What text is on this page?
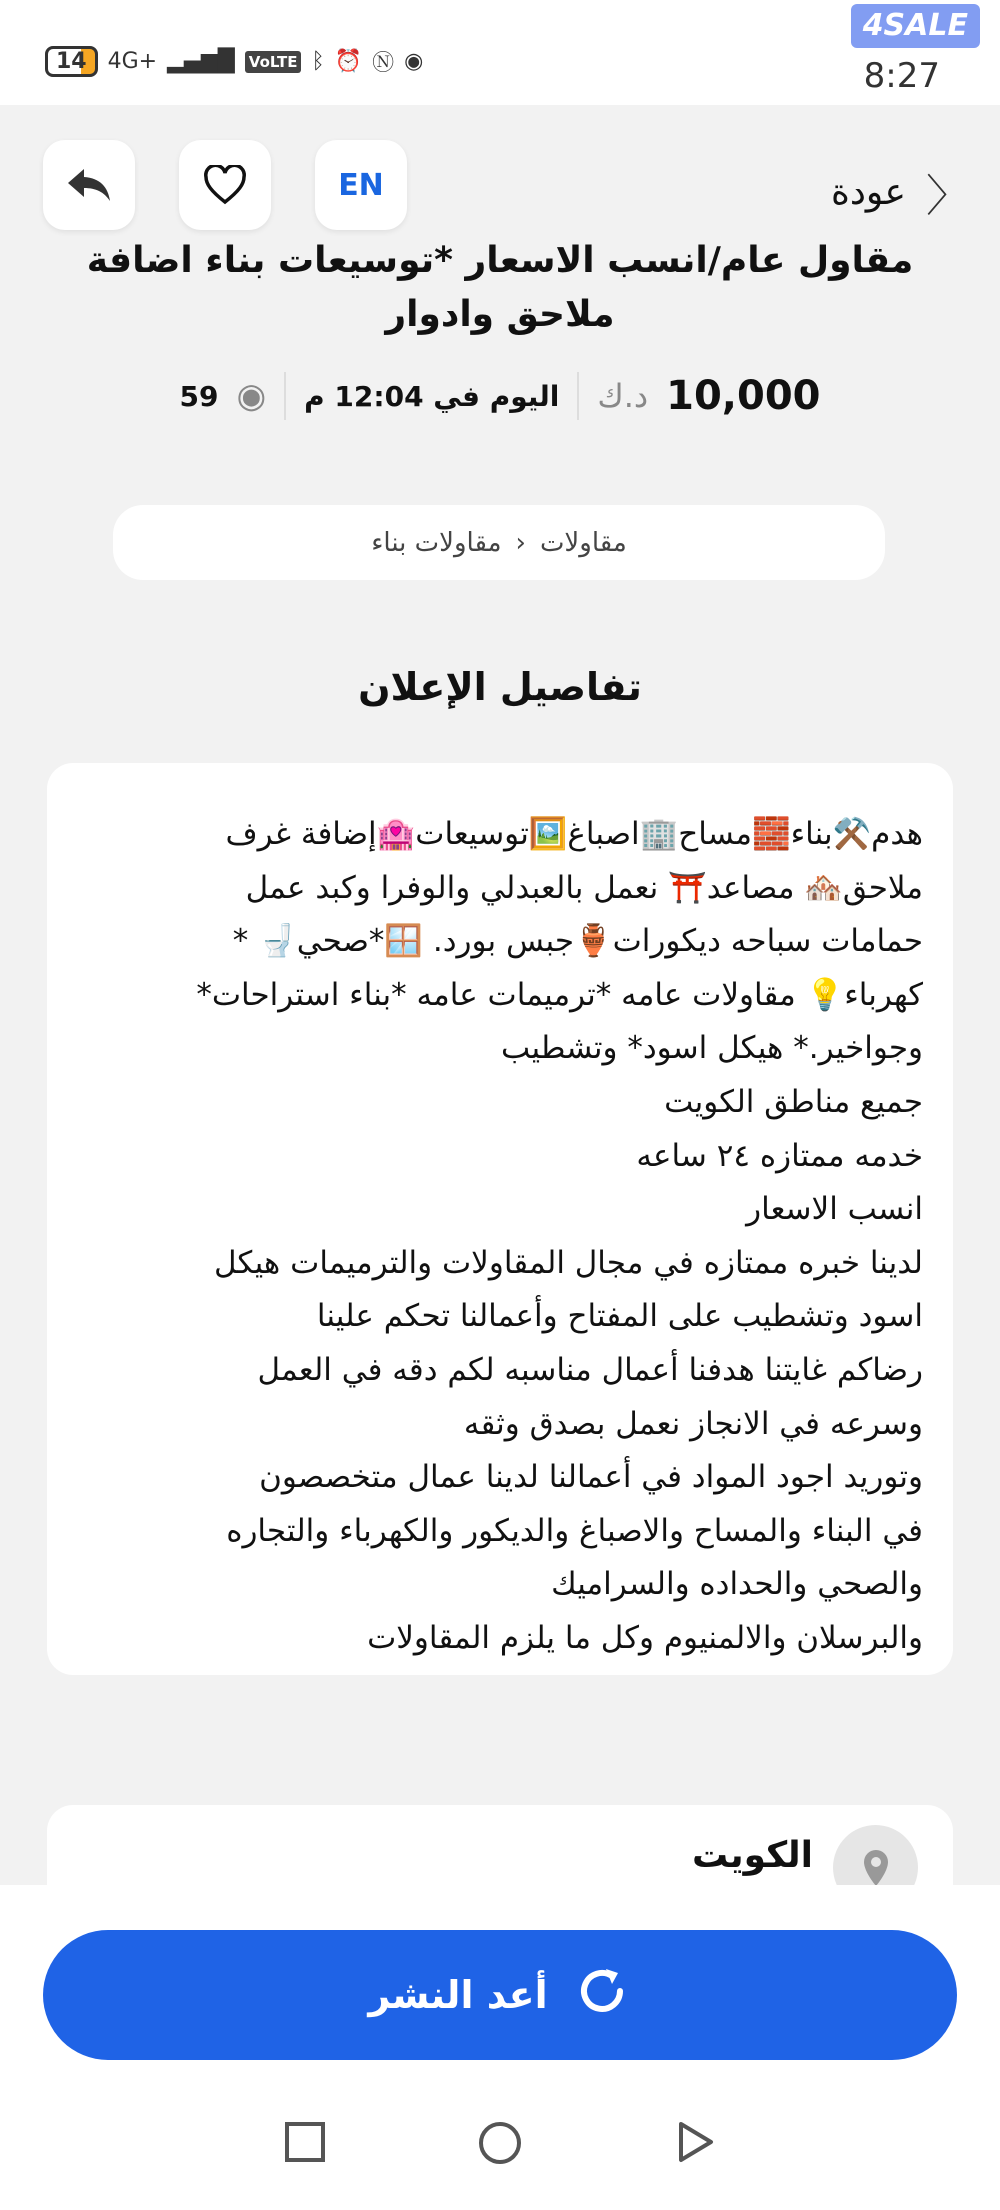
14 4G+ ▂▄▆█ VoLTE ᛒ ⏰ Ⓝ ◉
4SALE
8:27
EN	〈
عودة
مقاول عام/انسب الاسعار *توسيعات بناء اضافة
ملاحق وادوار
10,000
د.ك
اليوم في 12:04 م
◉
59
مقاولات
‹
مقاولات بناء
تفاصيل الإعلان

هدم⚒️بناء🧱مساح🏢اصباغ🖼️توسيعات🏩إضافة غرف

ملاحق🏘️ مصاعد⛩️ نعمل بالعبدلي والوفرا وكبد عمل

حمامات سباحه ديكورات🏺جبس بورد. 🪟*صحي🚽 *

كهرباء💡 مقاولات عامه *ترميمات عامه *بناء استراحات*

وجواخير.* هيكل اسود* وتشطيب

جميع مناطق الكويت

خدمه ممتازه ٢٤ ساعه

انسب الاسعار

لدينا خبره ممتازه في مجال المقاولات والترميمات هيكل

اسود وتشطيب على المفتاح وأعمالنا تحكم علينا

رضاكم غايتنا هدفنا أعمال مناسبه لكم دقه في العمل

وسرعه في الانجاز نعمل بصدق وثقه

وتوريد اجود المواد في أعمالنا لدينا عمال متخصصون

في البناء والمساح والاصباغ والديكور والكهرباء والتجاره

والصحي والحداده والسراميك

والبرسلان والالمنيوم وكل ما يلزم المقاولات

الكويت
أعد النشر
